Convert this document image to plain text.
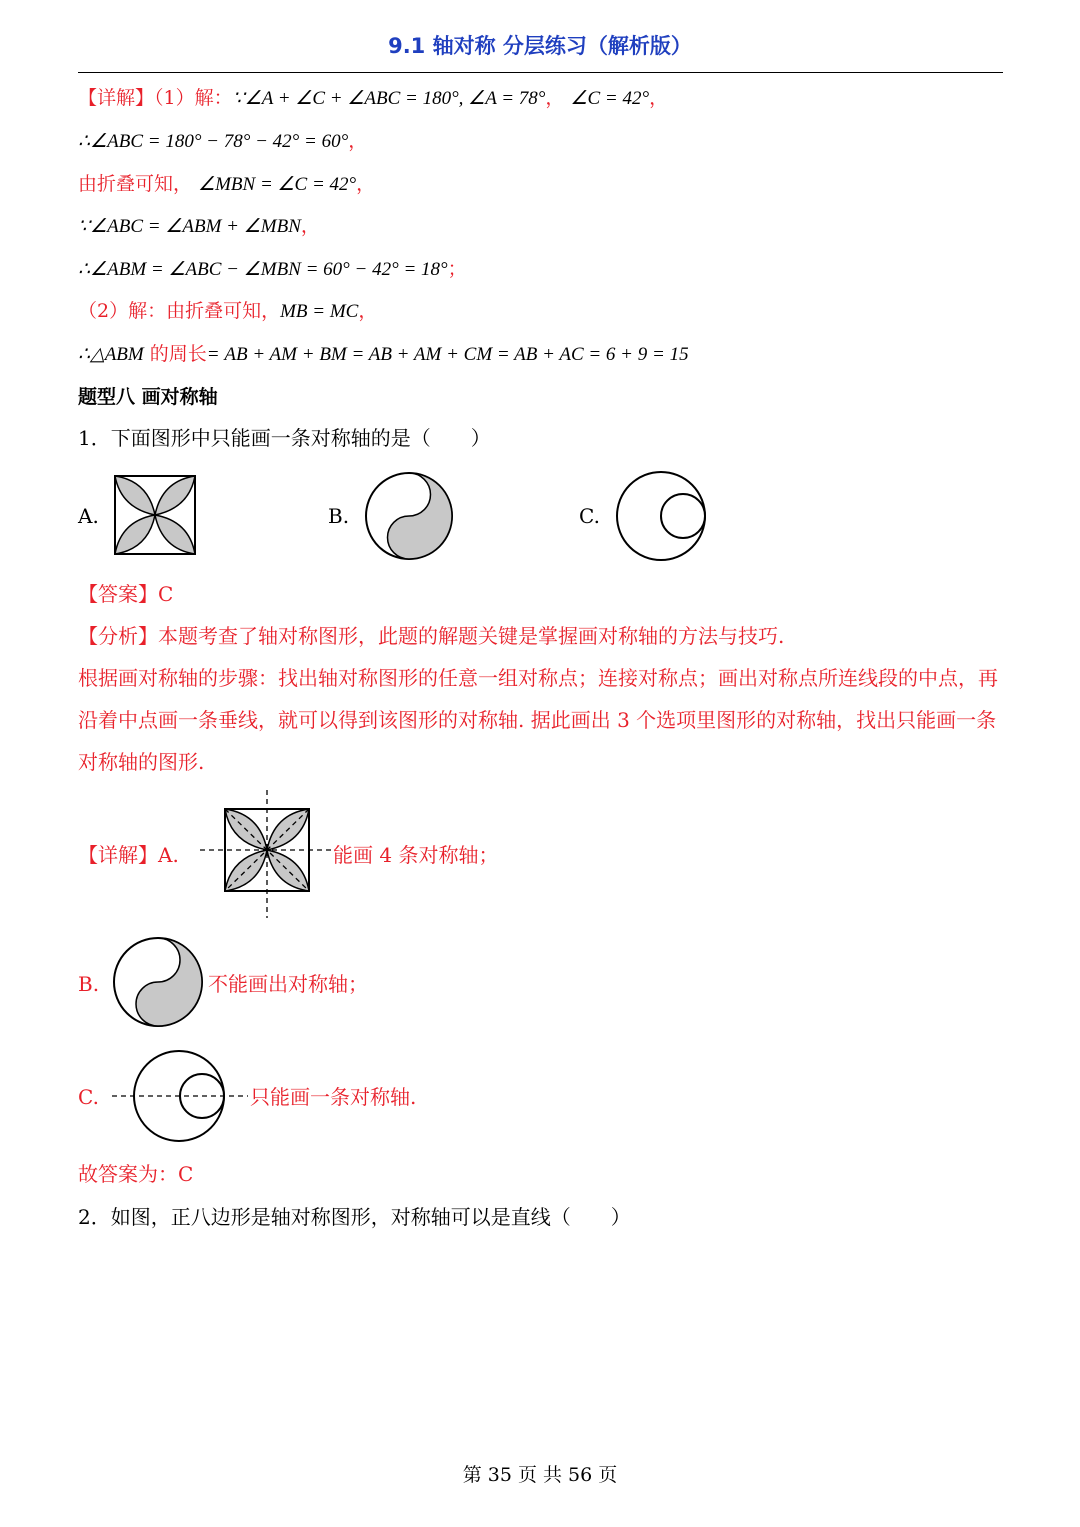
9.1 轴对称 分层练习（解析版）
【详解】（1）解：∵∠A + ∠C + ∠ABC = 180°, ∠A = 78°， ∠C = 42°，
∴∠ABC = 180° − 78° − 42° = 60°，
由折叠可知， ∠MBN = ∠C = 42°，
∵∠ABC = ∠ABM + ∠MBN，
∴∠ABM = ∠ABC − ∠MBN = 60° − 42° = 18°；
（2）解：由折叠可知，MB = MC，
∴△ABM 的周长= AB + AM + BM = AB + AM + CM = AB + AC = 6 + 9 = 15
题型八 画对称轴
1．下面图形中只能画一条对称轴的是（　　）
A.	B.	C.
【答案】C
【分析】本题考查了轴对称图形，此题的解题关键是掌握画对称轴的方法与技巧.
根据画对称轴的步骤：找出轴对称图形的任意一组对称点；连接对称点；画出对称点所连线段的中点，再沿着中点画一条垂线，就可以得到该图形的对称轴. 据此画出 3 个选项里图形的对称轴，找出只能画一条对称轴的图形.
【详解】A.	能画 4 条对称轴；
B.	不能画出对称轴；
C.	只能画一条对称轴.
故答案为：C
2．如图，正八边形是轴对称图形，对称轴可以是直线（　　）
第 35 页 共 56 页
